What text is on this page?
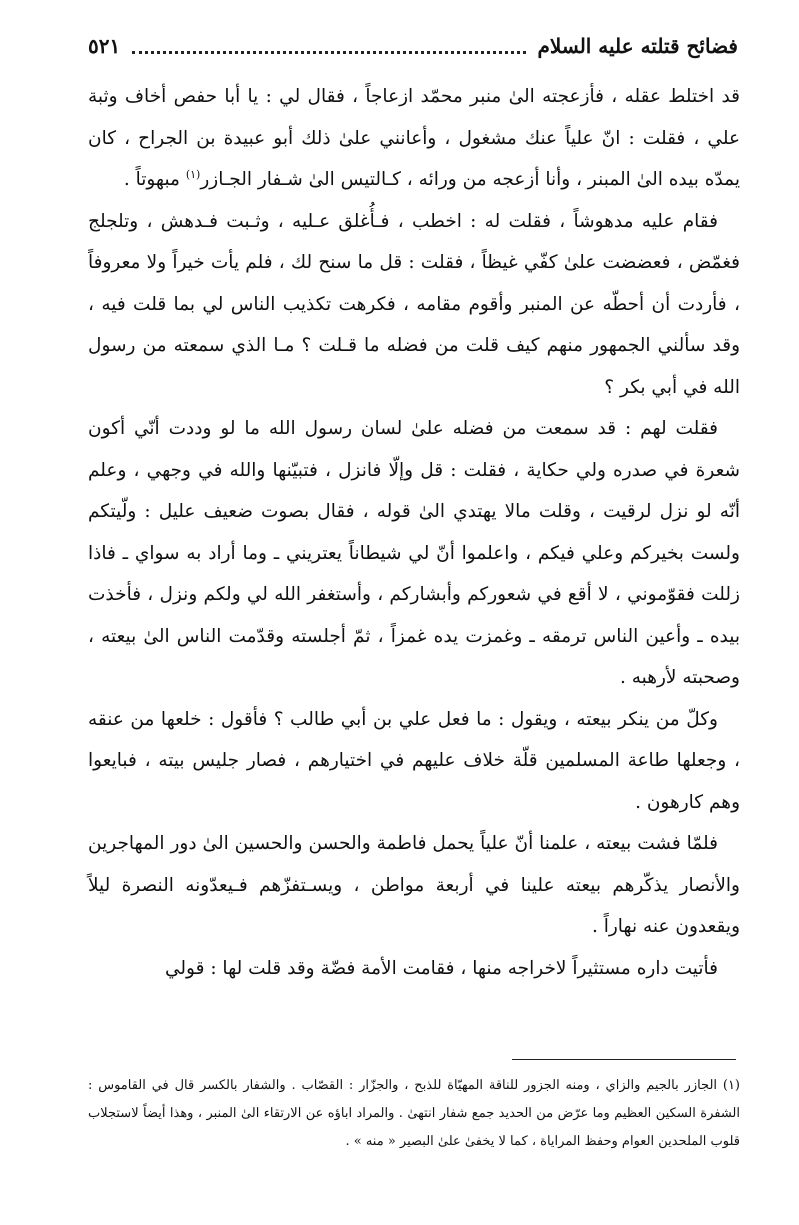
فضائح قتلته عليه السلام
٥٢١

قد اختلط عقله ، فأزعجته الىٰ منبر محمّد ازعاجاً ، فقال لي : يا أبا حفص أخاف وثبة علي ، فقلت : انّ علياً عنك مشغول ، وأعانني علىٰ ذلك أبو عبيدة بن الجراح ، كان يمدّه بيده الىٰ المبنر ، وأنا أزعجه من ورائه ، كـالتيس الىٰ شـفار الجـازر$^{(١)}$ مبهوتاً .

فقام عليه مدهوشاً ، فقلت له : اخطب ، فـأُغلق عـليه ، وثـبت فـدهش ، وتلجلج فغمّض ، فعضضت علىٰ كفّي غيظاً ، فقلت : قل ما سنح لك ، فلم يأت خيراً ولا معروفاً ، فأردت أن أحطّه عن المنبر وأقوم مقامه ، فكرهت تكذيب الناس لي بما قلت فيه ، وقد سألني الجمهور منهم كيف قلت من فضله ما قـلت ؟ مـا الذي سمعته من رسول الله في أبي بكر ؟

فقلت لهم : قد سمعت من فضله علىٰ لسان رسول الله ما لو وددت أنّي أكون شعرة في صدره ولي حكاية ، فقلت : قل وإلّا فانزل ، فتبيّنها والله في وجهي ، وعلم أنّه لو نزل لرقيت ، وقلت مالا يهتدي الىٰ قوله ، فقال بصوت ضعيف عليل : ولّيتكم ولست بخيركم وعلي فيكم ، واعلموا أنّ لي شيطاناً يعتريني ـ وما أراد به سواي ـ فاذا زللت فقوّموني ، لا أقع في شعوركم وأبشاركم ، وأستغفر الله لي ولكم ونزل ، فأخذت بيده ـ وأعين الناس ترمقه ـ وغمزت يده غمزاً ، ثمّ أجلسته وقدّمت الناس الىٰ بيعته ، وصحبته لأرهبه .

وكلّ من ينكر بيعته ، ويقول : ما فعل علي بن أبي طالب ؟ فأقول : خلعها من عنقه ، وجعلها طاعة المسلمين قلّة خلاف عليهم في اختيارهم ، فصار جليس بيته ، فبايعوا وهم كارهون .

فلمّا فشت بيعته ، علمنا أنّ علياً يحمل فاطمة والحسن والحسين الىٰ دور المهاجرين والأنصار يذكّرهم بيعته علينا في أربعة مواطن ، ويسـتفزّهم فـيعدّونه النصرة ليلاً ويقعدون عنه نهاراً .

فأتيت داره مستثيراً لاخراجه منها ، فقامت الأمة فضّة وقد قلت لها : قولي

(١) الجازر بالجيم والزاي ، ومنه الجزور للناقة المهيّاة للذبح ، والجزّار : القصّاب . والشفار بالكسر قال في القاموس : الشفرة السكين العظيم وما عرّض من الحديد جمع شفار انتهىٰ . والمراد اباؤه عن الارتقاء الىٰ المنبر ، وهذا أيضاً لاستجلاب قلوب الملحدين العوام وحفظ المراياة ، كما لا يخفىٰ علىٰ البصير « منه » .
